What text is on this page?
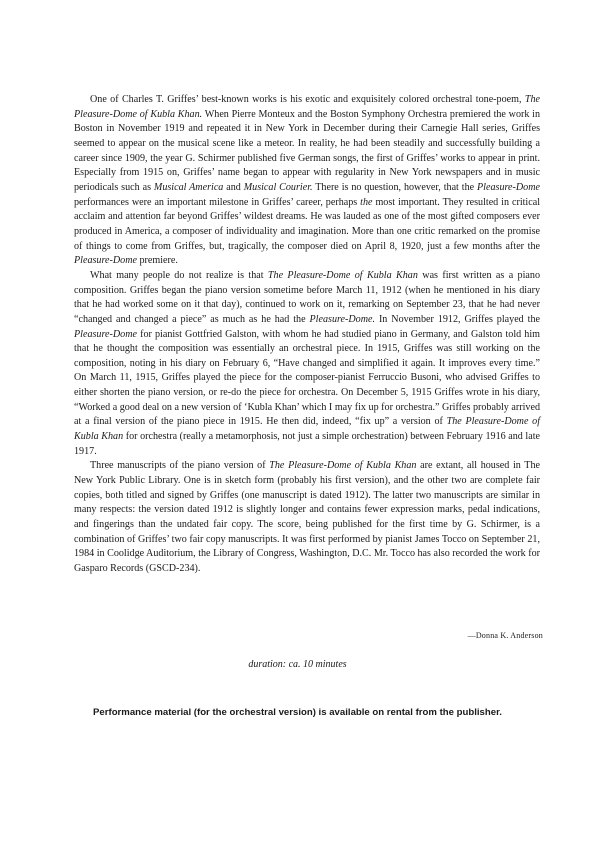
One of Charles T. Griffes’ best-known works is his exotic and exquisitely colored orchestral tone-poem, The Pleasure-Dome of Kubla Khan. When Pierre Monteux and the Boston Symphony Orchestra premiered the work in Boston in November 1919 and repeated it in New York in December during their Carnegie Hall series, Griffes seemed to appear on the musical scene like a meteor. In reality, he had been steadily and successfully building a career since 1909, the year G. Schirmer published five German songs, the first of Griffes’ works to appear in print. Especially from 1915 on, Griffes’ name began to appear with regularity in New York newspapers and in music periodicals such as Musical America and Musical Courier. There is no question, however, that the Pleasure-Dome performances were an important milestone in Griffes’ career, perhaps the most important. They resulted in critical acclaim and attention far beyond Griffes’ wildest dreams. He was lauded as one of the most gifted composers ever produced in America, a composer of individuality and imagination. More than one critic remarked on the promise of things to come from Griffes, but, tragically, the composer died on April 8, 1920, just a few months after the Pleasure-Dome premiere.

What many people do not realize is that The Pleasure-Dome of Kubla Khan was first written as a piano composition. Griffes began the piano version sometime before March 11, 1912 (when he mentioned in his diary that he had worked some on it that day), continued to work on it, remarking on September 23, that he had never “changed and changed a piece” as much as he had the Pleasure-Dome. In November 1912, Griffes played the Pleasure-Dome for pianist Gottfried Galston, with whom he had studied piano in Germany, and Galston told him that he thought the composition was essentially an orchestral piece. In 1915, Griffes was still working on the composition, noting in his diary on February 6, “Have changed and simplified it again. It improves every time.” On March 11, 1915, Griffes played the piece for the composer-pianist Ferruccio Busoni, who advised Griffes to either shorten the piano version, or re-do the piece for orchestra. On December 5, 1915 Griffes wrote in his diary, “Worked a good deal on a new version of ‘Kubla Khan’ which I may fix up for orchestra.” Griffes probably arrived at a final version of the piano piece in 1915. He then did, indeed, “fix up” a version of The Pleasure-Dome of Kubla Khan for orchestra (really a metamorphosis, not just a simple orchestration) between February 1916 and late 1917.

Three manuscripts of the piano version of The Pleasure-Dome of Kubla Khan are extant, all housed in The New York Public Library. One is in sketch form (probably his first version), and the other two are complete fair copies, both titled and signed by Griffes (one manuscript is dated 1912). The latter two manuscripts are similar in many respects: the version dated 1912 is slightly longer and contains fewer expression marks, pedal indications, and fingerings than the undated fair copy. The score, being published for the first time by G. Schirmer, is a combination of Griffes’ two fair copy manuscripts. It was first performed by pianist James Tocco on September 21, 1984 in Coolidge Auditorium, the Library of Congress, Washington, D.C. Mr. Tocco has also recorded the work for Gasparo Records (GSCD-234).

—Donna K. Anderson
duration: ca. 10 minutes
Performance material (for the orchestral version) is available on rental from the publisher.
